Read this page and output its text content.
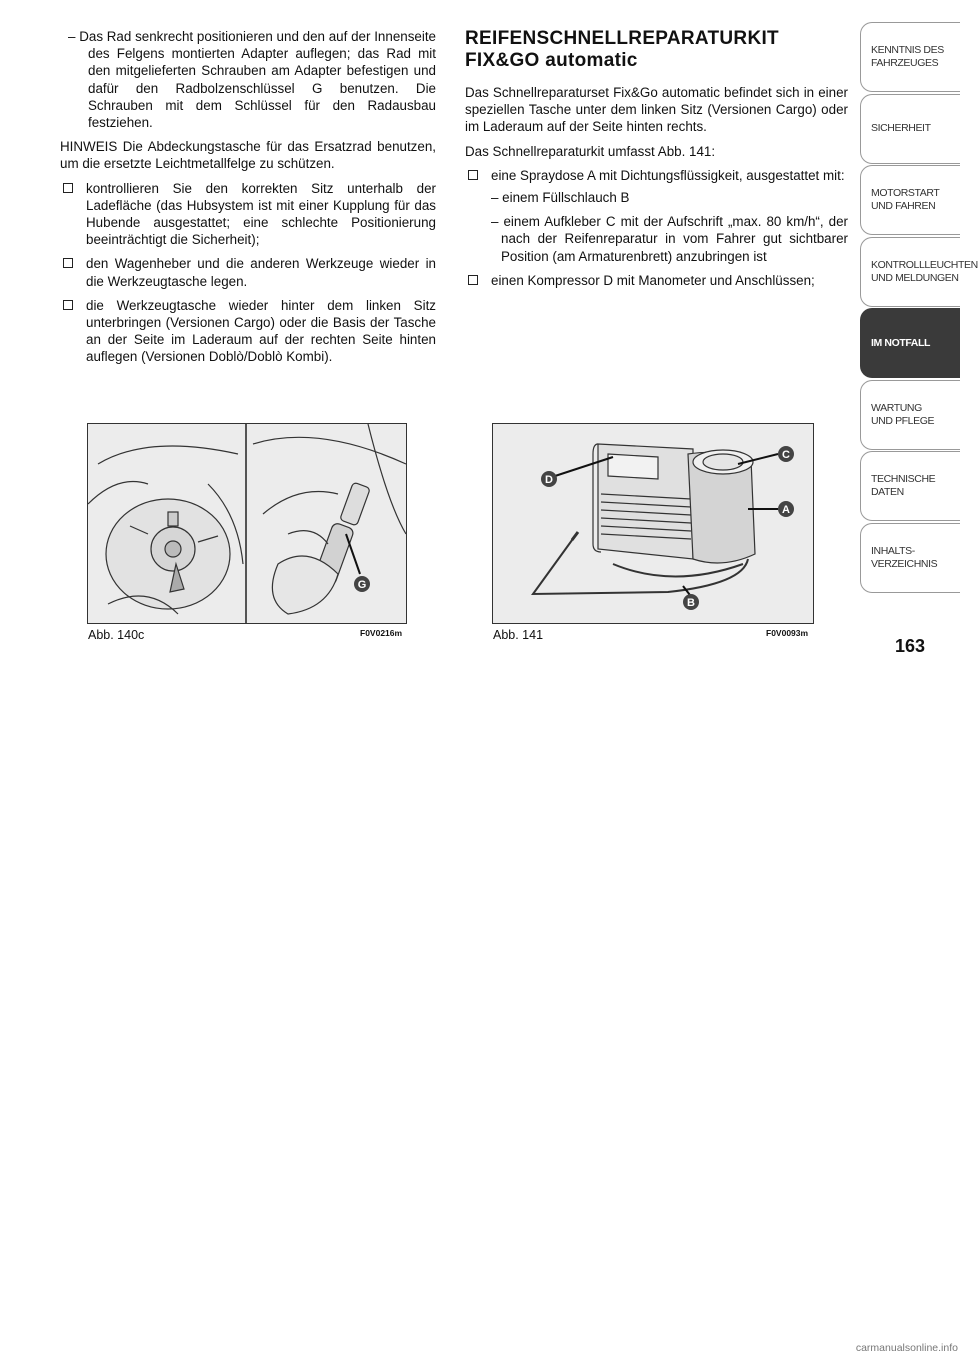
– Das Rad senkrecht positionieren und den auf der Innenseite des Felgens montierten Adapter auflegen; das Rad mit den mitgelieferten Schrauben am Adapter befestigen und dafür den Radbolzenschlüssel G benutzen. Die Schrauben mit dem Schlüssel für den Radausbau festziehen.

HINWEIS Die Abdeckungstasche für das Ersatzrad benutzen, um die ersetzte Leichtmetallfelge zu schützen.

kontrollieren Sie den korrekten Sitz unterhalb der Ladefläche (das Hubsystem ist mit einer Kupplung für das Hubende ausgestattet; eine schlechte Positionierung beeinträchtigt die Sicherheit);

den Wagenheber und die anderen Werkzeuge wieder in die Werkzeugtasche legen.

die Werkzeugtasche wieder hinter dem linken Sitz unterbringen (Versionen Cargo) oder die Basis der Tasche an der Seite im Laderaum auf der rechten Seite hinten auflegen (Versionen Doblò/Doblò Kombi).

REIFENSCHNELLREPARATURKIT
FIX&GO automatic

Das Schnellreparaturset Fix&Go automatic befindet sich in einer speziellen Tasche unter dem linken Sitz (Versionen Cargo) oder im Laderaum auf der Seite hinten rechts.

Das Schnellreparaturkit umfasst Abb. 141:

eine Spraydose A mit Dichtungsflüssigkeit, ausgestattet mit:

– einem Füllschlauch B

– einem Aufkleber C mit der Aufschrift „max. 80 km/h“, der nach der Reifenreparatur in vom Fahrer gut sichtbarer Position (am Armaturenbrett) anzubringen ist

einen Kompressor D mit Manometer und Anschlüssen;

G
Abb. 140c	F0V0216m
C
D
A
B
Abb. 141	F0V0093m
KENNTNIS DES
FAHRZEUGES
SICHERHEIT
MOTORSTART
UND FAHREN
KONTROLLLEUCHTEN
UND MELDUNGEN
IM NOTFALL
WARTUNG
UND PFLEGE
TECHNISCHE DATEN
INHALTS-
VERZEICHNIS
163
carmanualsonline.info
